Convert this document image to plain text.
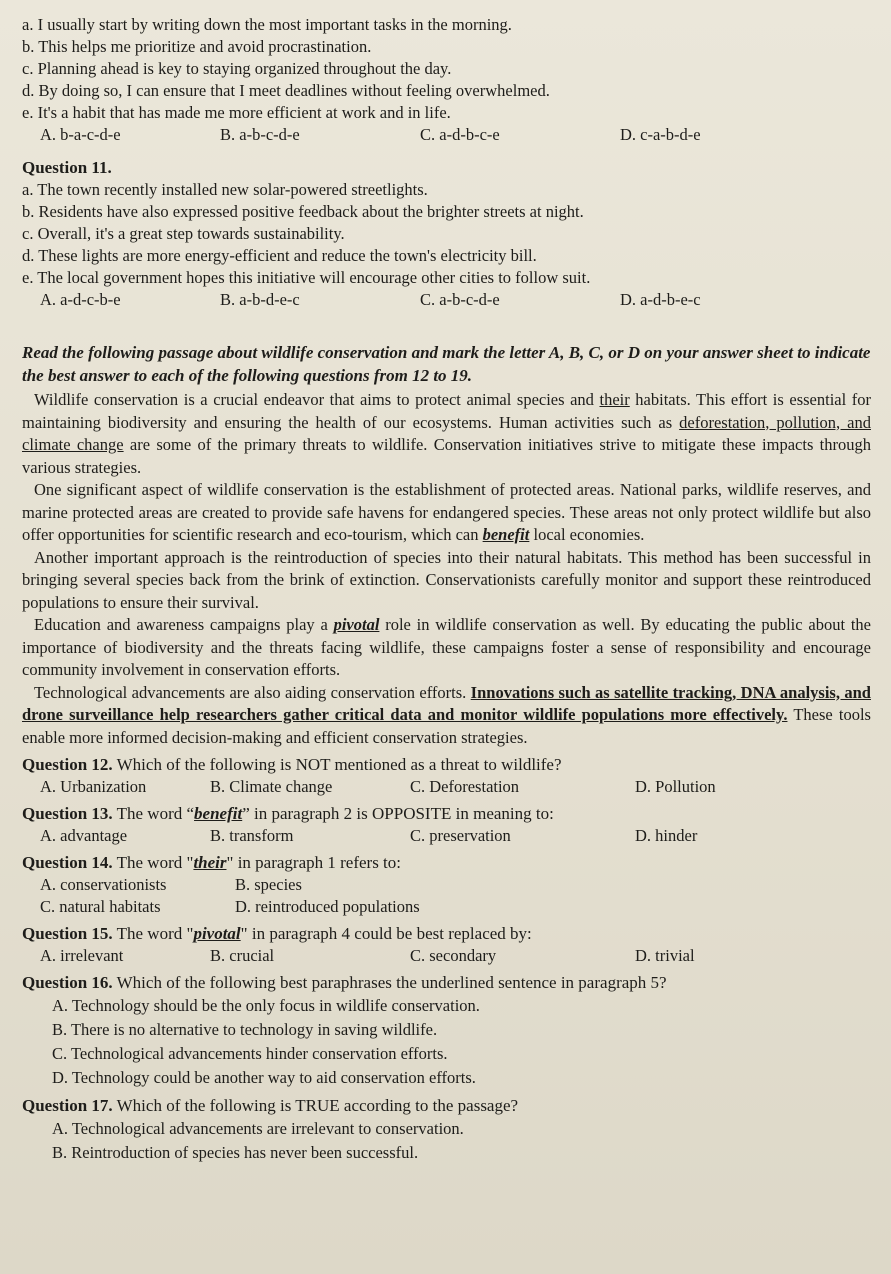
a. I usually start by writing down the most important tasks in the morning.
b. This helps me prioritize and avoid procrastination.
c. Planning ahead is key to staying organized throughout the day.
d. By doing so, I can ensure that I meet deadlines without feeling overwhelmed.
e. It's a habit that has made me more efficient at work and in life.
A. b-a-c-d-e	B. a-b-c-d-e	C. a-d-b-c-e	D. c-a-b-d-e
Question 11.
a. The town recently installed new solar-powered streetlights.
b. Residents have also expressed positive feedback about the brighter streets at night.
c. Overall, it's a great step towards sustainability.
d. These lights are more energy-efficient and reduce the town's electricity bill.
e. The local government hopes this initiative will encourage other cities to follow suit.
A. a-d-c-b-e	B. a-b-d-e-c	C. a-b-c-d-e	D. a-d-b-e-c
Read the following passage about wildlife conservation and mark the letter A, B, C, or D on your answer sheet to indicate the best answer to each of the following questions from 12 to 19.
Wildlife conservation is a crucial endeavor that aims to protect animal species and their habitats. This effort is essential for maintaining biodiversity and ensuring the health of our ecosystems. Human activities such as deforestation, pollution, and climate change are some of the primary threats to wildlife. Conservation initiatives strive to mitigate these impacts through various strategies.
One significant aspect of wildlife conservation is the establishment of protected areas. National parks, wildlife reserves, and marine protected areas are created to provide safe havens for endangered species. These areas not only protect wildlife but also offer opportunities for scientific research and eco-tourism, which can benefit local economies.
Another important approach is the reintroduction of species into their natural habitats. This method has been successful in bringing several species back from the brink of extinction. Conservationists carefully monitor and support these reintroduced populations to ensure their survival.
Education and awareness campaigns play a pivotal role in wildlife conservation as well. By educating the public about the importance of biodiversity and the threats facing wildlife, these campaigns foster a sense of responsibility and encourage community involvement in conservation efforts.
Technological advancements are also aiding conservation efforts. Innovations such as satellite tracking, DNA analysis, and drone surveillance help researchers gather critical data and monitor wildlife populations more effectively. These tools enable more informed decision-making and efficient conservation strategies.
Question 12. Which of the following is NOT mentioned as a threat to wildlife?
A. Urbanization	B. Climate change	C. Deforestation	D. Pollution
Question 13. The word “benefit” in paragraph 2 is OPPOSITE in meaning to:
A. advantage	B. transform	C. preservation	D. hinder
Question 14. The word "their" in paragraph 1 refers to:
A. conservationists	B. species
C. natural habitats	D. reintroduced populations
Question 15. The word "pivotal" in paragraph 4 could be best replaced by:
A. irrelevant	B. crucial	C. secondary	D. trivial
Question 16. Which of the following best paraphrases the underlined sentence in paragraph 5?
A. Technology should be the only focus in wildlife conservation.
B. There is no alternative to technology in saving wildlife.
C. Technological advancements hinder conservation efforts.
D. Technology could be another way to aid conservation efforts.
Question 17. Which of the following is TRUE according to the passage?
A. Technological advancements are irrelevant to conservation.
B. Reintroduction of species has never been successful.
